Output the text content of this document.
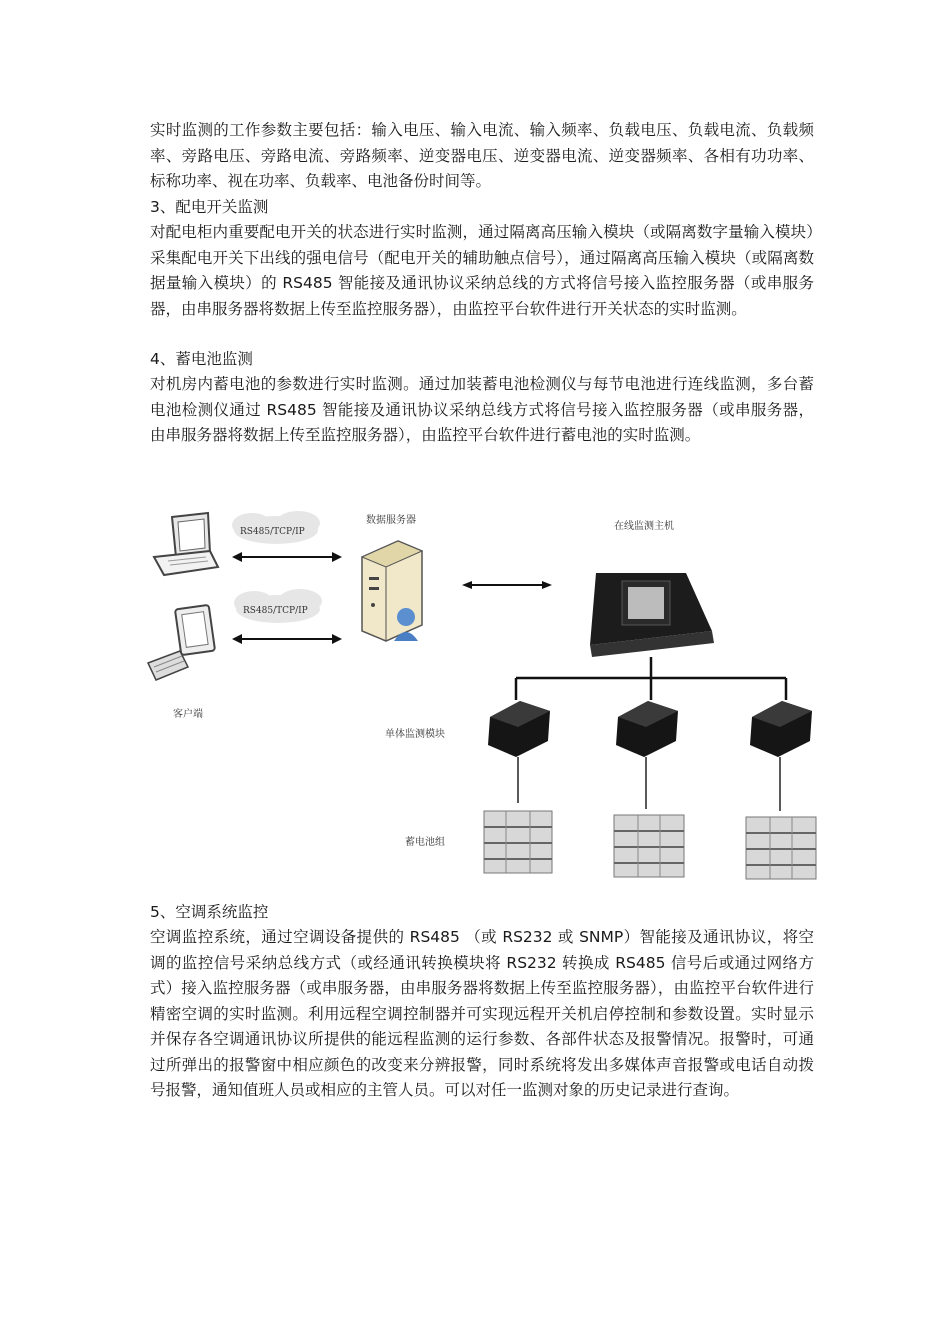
实时监测的工作参数主要包括：输入电压、输入电流、输入频率、负载电压、负载电流、负载频率、旁路电压、旁路电流、旁路频率、逆变器电压、逆变器电流、逆变器频率、各相有功功率、标称功率、视在功率、负载率、电池备份时间等。

3、配电开关监测

对配电柜内重要配电开关的状态进行实时监测，通过隔离高压输入模块（或隔离数字量输入模块）采集配电开关下出线的强电信号（配电开关的辅助触点信号），通过隔离高压输入模块（或隔离数据量输入模块）的 RS485 智能接及通讯协议采纳总线的方式将信号接入监控服务器（或串服务器，由串服务器将数据上传至监控服务器），由监控平台软件进行开关状态的实时监测。

4、蓄电池监测

对机房内蓄电池的参数进行实时监测。通过加装蓄电池检测仪与每节电池进行连线监测，多台蓄电池检测仪通过 RS485 智能接及通讯协议采纳总线方式将信号接入监控服务器（或串服务器，由串服务器将数据上传至监控服务器），由监控平台软件进行蓄电池的实时监测。

客户端
RS485/TCP/IP
RS485/TCP/IP
数据服务器
在线监测主机
单体监测模块
蓄电池组

5、空调系统监控

空调监控系统，通过空调设备提供的 RS485 （或 RS232 或 SNMP）智能接及通讯协议，将空调的监控信号采纳总线方式（或经通讯转换模块将 RS232 转换成 RS485 信号后或通过网络方式）接入监控服务器（或串服务器，由串服务器将数据上传至监控服务器），由监控平台软件进行精密空调的实时监测。利用远程空调控制器并可实现远程开关机启停控制和参数设置。实时显示并保存各空调通讯协议所提供的能远程监测的运行参数、各部件状态及报警情况。报警时，可通过所弹出的报警窗中相应颜色的改变来分辨报警，同时系统将发出多媒体声音报警或电话自动拨号报警，通知值班人员或相应的主管人员。可以对任一监测对象的历史记录进行查询。
